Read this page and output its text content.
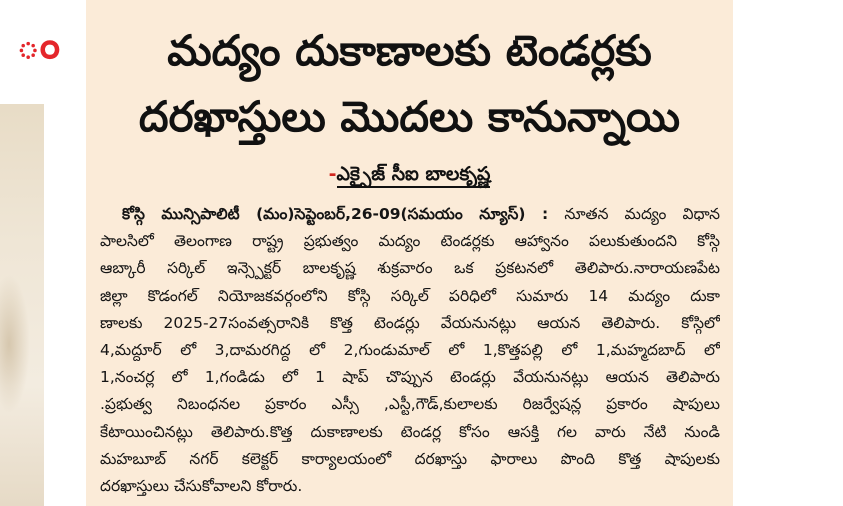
ం	మద్యం దుకాణాలకు టెండర్లకు
దరఖాస్తులు మొదలు కానున్నాయి
-ఎక్సైజ్ సీఐ బాలకృష్ణ
కోస్గి మున్సిపాలిటీ (మం)సెప్టెంబర్,26-09(సమయం న్యూస్) : నూతన మద్యం విధాన
పాలసిలో తెలంగాణ రాష్ట్ర ప్రభుత్వం మద్యం టెండర్లకు ఆహ్వానం పలుకుతుందని కోస్గి
ఆబ్కారీ సర్కిల్ ఇన్స్పెక్టర్ బాలకృష్ణ శుక్రవారం ఒక ప్రకటనలో తెలిపారు.నారాయణపేట
జిల్లా కొడంగల్ నియోజకవర్గంలోని కోస్గి సర్కిల్ పరిధిలో సుమారు 14 మద్యం దుకా
ణాలకు 2025-27సంవత్సరానికి కొత్త టెండర్లు వేయనునట్లు ఆయన తెలిపారు. కోస్గిలో
4,మద్దూర్ లో 3,దామరగిద్ద లో 2,గుండుమాల్ లో 1,కొత్తపల్లి లో 1,మహ్మదబాద్ లో
1,నంచర్ల లో 1,గండిడు లో 1 షాప్ చొప్పున టెండర్లు వేయనునట్లు ఆయన తెలిపారు
.ప్రభుత్వ నిబంధనల ప్రకారం ఎస్సీ ,ఎస్టీ,గౌడ్,కులాలకు రిజర్వేషన్ల ప్రకారం షాపులు
కేటాయించినట్లు తెలిపారు.కొత్త దుకాణాలకు టెండర్ల కోసం ఆసక్తి గల వారు నేటి నుండి
మహబూబ్ నగర్ కలెక్టర్ కార్యాలయంలో దరఖాస్తు ఫారాలు పొంది కొత్త షాపులకు
దరఖాస్తులు చేసుకోవాలని కోరారు.
